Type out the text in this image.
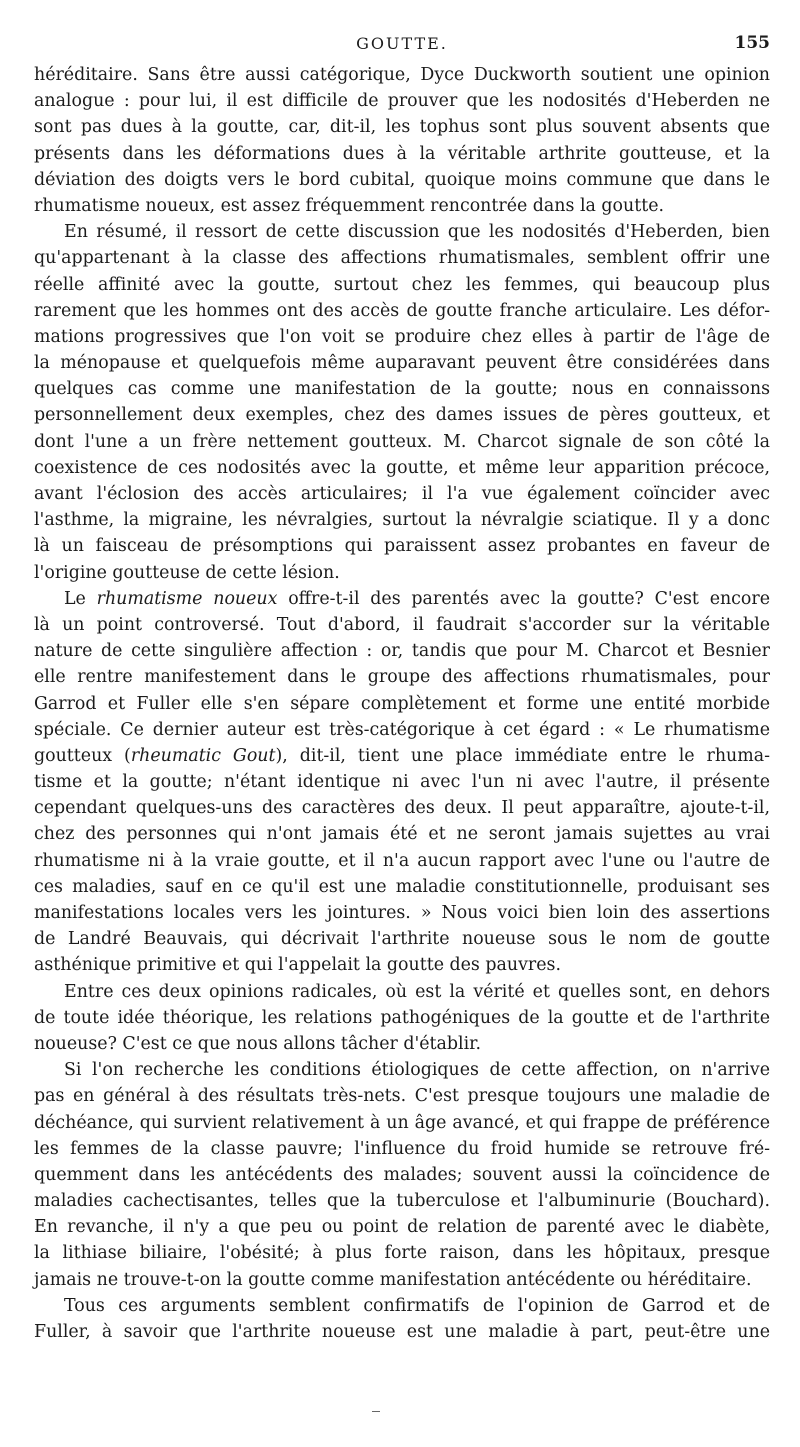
GOUTTE.	155
héréditaire. Sans être aussi catégorique, Dyce Duckworth soutient une opinion
analogue : pour lui, il est difficile de prouver que les nodosités d'Heberden ne
sont pas dues à la goutte, car, dit-il, les tophus sont plus souvent absents que
présents dans les déformations dues à la véritable arthrite goutteuse, et la
déviation des doigts vers le bord cubital, quoique moins commune que dans le
rhumatisme noueux, est assez fréquemment rencontrée dans la goutte.
En résumé, il ressort de cette discussion que les nodosités d'Heberden, bien
qu'appartenant à la classe des affections rhumatismales, semblent offrir une
réelle affinité avec la goutte, surtout chez les femmes, qui beaucoup plus
rarement que les hommes ont des accès de goutte franche articulaire. Les défor-
mations progressives que l'on voit se produire chez elles à partir de l'âge de
la ménopause et quelquefois même auparavant peuvent être considérées dans
quelques cas comme une manifestation de la goutte; nous en connaissons
personnellement deux exemples, chez des dames issues de pères goutteux, et
dont l'une a un frère nettement goutteux. M. Charcot signale de son côté la
coexistence de ces nodosités avec la goutte, et même leur apparition précoce,
avant l'éclosion des accès articulaires; il l'a vue également coïncider avec
l'asthme, la migraine, les névralgies, surtout la névralgie sciatique. Il y a donc
là un faisceau de présomptions qui paraissent assez probantes en faveur de
l'origine goutteuse de cette lésion.
Le rhumatisme noueux offre-t-il des parentés avec la goutte? C'est encore
là un point controversé. Tout d'abord, il faudrait s'accorder sur la véritable
nature de cette singulière affection : or, tandis que pour M. Charcot et Besnier
elle rentre manifestement dans le groupe des affections rhumatismales, pour
Garrod et Fuller elle s'en sépare complètement et forme une entité morbide
spéciale. Ce dernier auteur est très-catégorique à cet égard : « Le rhumatisme
goutteux (rheumatic Gout), dit-il, tient une place immédiate entre le rhuma-
tisme et la goutte; n'étant identique ni avec l'un ni avec l'autre, il présente
cependant quelques-uns des caractères des deux. Il peut apparaître, ajoute-t-il,
chez des personnes qui n'ont jamais été et ne seront jamais sujettes au vrai
rhumatisme ni à la vraie goutte, et il n'a aucun rapport avec l'une ou l'autre de
ces maladies, sauf en ce qu'il est une maladie constitutionnelle, produisant ses
manifestations locales vers les jointures. » Nous voici bien loin des assertions
de Landré Beauvais, qui décrivait l'arthrite noueuse sous le nom de goutte
asthénique primitive et qui l'appelait la goutte des pauvres.
Entre ces deux opinions radicales, où est la vérité et quelles sont, en dehors
de toute idée théorique, les relations pathogéniques de la goutte et de l'arthrite
noueuse? C'est ce que nous allons tâcher d'établir.
Si l'on recherche les conditions étiologiques de cette affection, on n'arrive
pas en général à des résultats très-nets. C'est presque toujours une maladie de
déchéance, qui survient relativement à un âge avancé, et qui frappe de préférence
les femmes de la classe pauvre; l'influence du froid humide se retrouve fré-
quemment dans les antécédents des malades; souvent aussi la coïncidence de
maladies cachectisantes, telles que la tuberculose et l'albuminurie (Bouchard).
En revanche, il n'y a que peu ou point de relation de parenté avec le diabète,
la lithiase biliaire, l'obésité; à plus forte raison, dans les hôpitaux, presque
jamais ne trouve-t-on la goutte comme manifestation antécédente ou héréditaire.
Tous ces arguments semblent confirmatifs de l'opinion de Garrod et de
Fuller, à savoir que l'arthrite noueuse est une maladie à part, peut-être une
